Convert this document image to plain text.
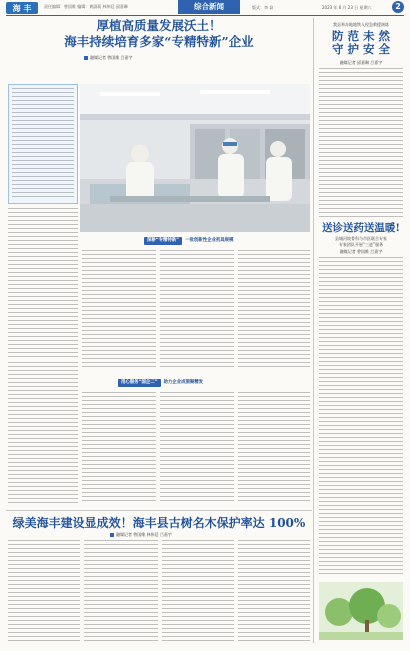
海 丰	责任编辑：曾国维 编辑：黄淑莉 林伟廷 邱嘉琳	综合新闻	版式：李 苡	2023 年 6 月 23 日 星期六	2
厚植高质量发展沃土！
海丰持续培育多家“专精特新”企业
融媒记者 曾国维 吕嘉宇
深耕“专精特新” 一批创新性企业初具规模
用心服务“国企二” 助力企业成围聚精发
我县举办地地铁入侵急救援演练
防 范 未 然
守 护 安 全
融媒记者 邱嘉琳 吕嘉宇
送诊送药送温暖!
县城河坡骨科与市医联合专家
专家团队开展“三进”服务
融媒记者 曾国维 吕嘉宇
绿美海丰建设显成效！海丰县古树名木保护率达 100%
融媒记者 曾国维 林伟廷 吕嘉宇
